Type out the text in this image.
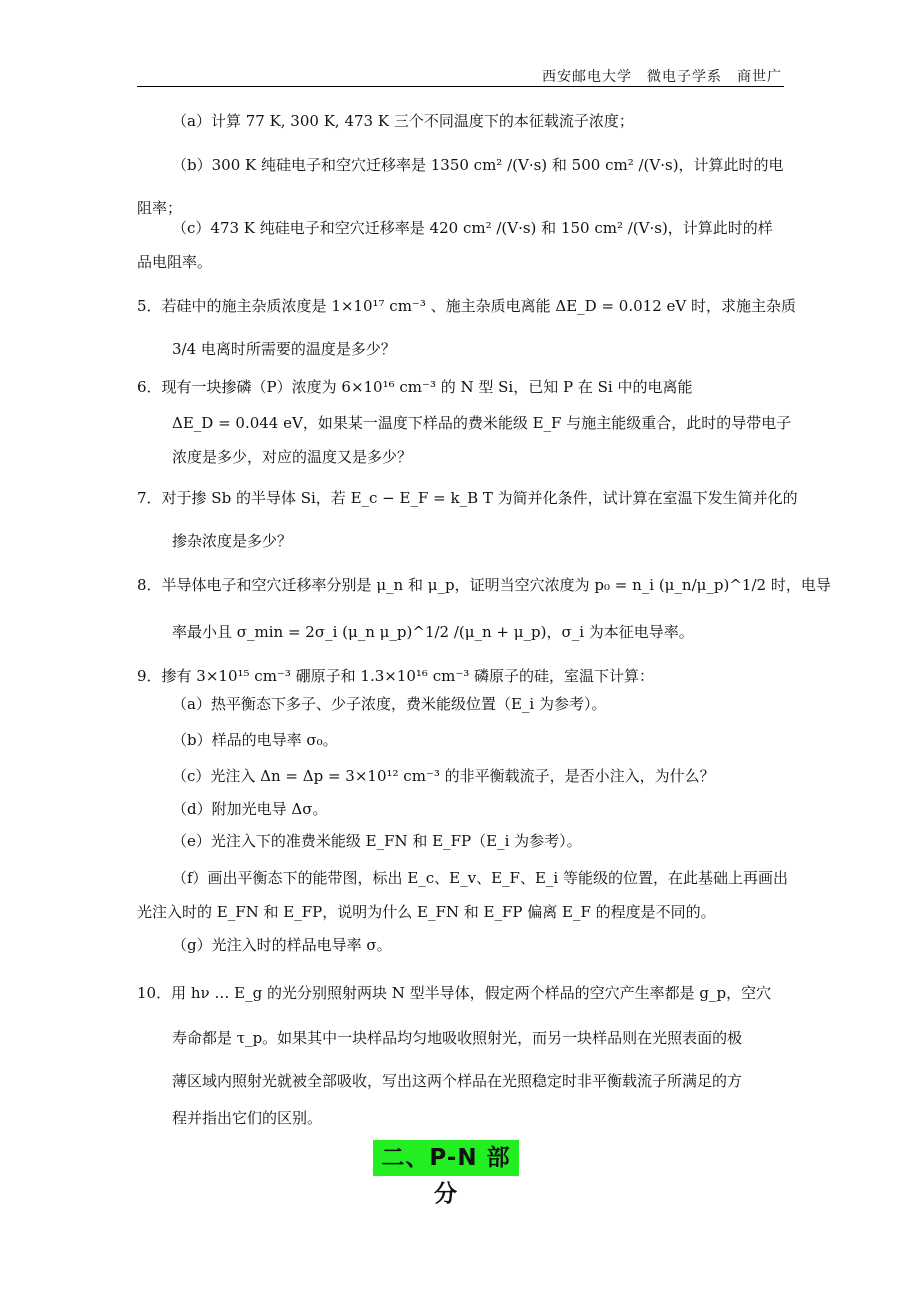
西安邮电大学　微电子学系　商世广
（a）计算 77 K, 300 K, 473 K 三个不同温度下的本征载流子浓度；
（b）300 K 纯硅电子和空穴迁移率是 1350 cm² /(V·s) 和 500 cm² /(V·s)，计算此时的电
阻率；
（c）473 K 纯硅电子和空穴迁移率是 420 cm² /(V·s) 和 150 cm² /(V·s)，计算此时的样
品电阻率。
5．若硅中的施主杂质浓度是 1×10¹⁷ cm⁻³ 、施主杂质电离能 ΔE_D = 0.012 eV 时，求施主杂质
3/4 电离时所需要的温度是多少？
6．现有一块掺磷（P）浓度为 6×10¹⁶ cm⁻³ 的 N 型 Si，已知 P 在 Si 中的电离能
ΔE_D = 0.044 eV，如果某一温度下样品的费米能级 E_F 与施主能级重合，此时的导带电子
浓度是多少，对应的温度又是多少？
7．对于掺 Sb 的半导体 Si，若 E_c − E_F = k_B T 为简并化条件，试计算在室温下发生简并化的
掺杂浓度是多少？
8．半导体电子和空穴迁移率分别是 μ_n 和 μ_p，证明当空穴浓度为 p₀ = n_i (μ_n/μ_p)^1/2 时，电导
率最小且 σ_min = 2σ_i (μ_n μ_p)^1/2 /(μ_n + μ_p)，σ_i 为本征电导率。
9．掺有 3×10¹⁵ cm⁻³ 硼原子和 1.3×10¹⁶ cm⁻³ 磷原子的硅，室温下计算：
（a）热平衡态下多子、少子浓度，费米能级位置（E_i 为参考）。
（b）样品的电导率 σ₀。
（c）光注入 Δn = Δp = 3×10¹² cm⁻³ 的非平衡载流子，是否小注入，为什么？
（d）附加光电导 Δσ。
（e）光注入下的准费米能级 E_FN 和 E_FP（E_i 为参考）。
（f）画出平衡态下的能带图，标出 E_c、E_v、E_F、E_i 等能级的位置，在此基础上再画出
光注入时的 E_FN 和 E_FP，说明为什么 E_FN 和 E_FP 偏离 E_F 的程度是不同的。
（g）光注入时的样品电导率 σ。
10．用 hν … E_g 的光分别照射两块 N 型半导体，假定两个样品的空穴产生率都是 g_p，空穴
寿命都是 τ_p。如果其中一块样品均匀地吸收照射光，而另一块样品则在光照表面的极
薄区域内照射光就被全部吸收，写出这两个样品在光照稳定时非平衡载流子所满足的方
程并指出它们的区别。
二、P-N 部分
